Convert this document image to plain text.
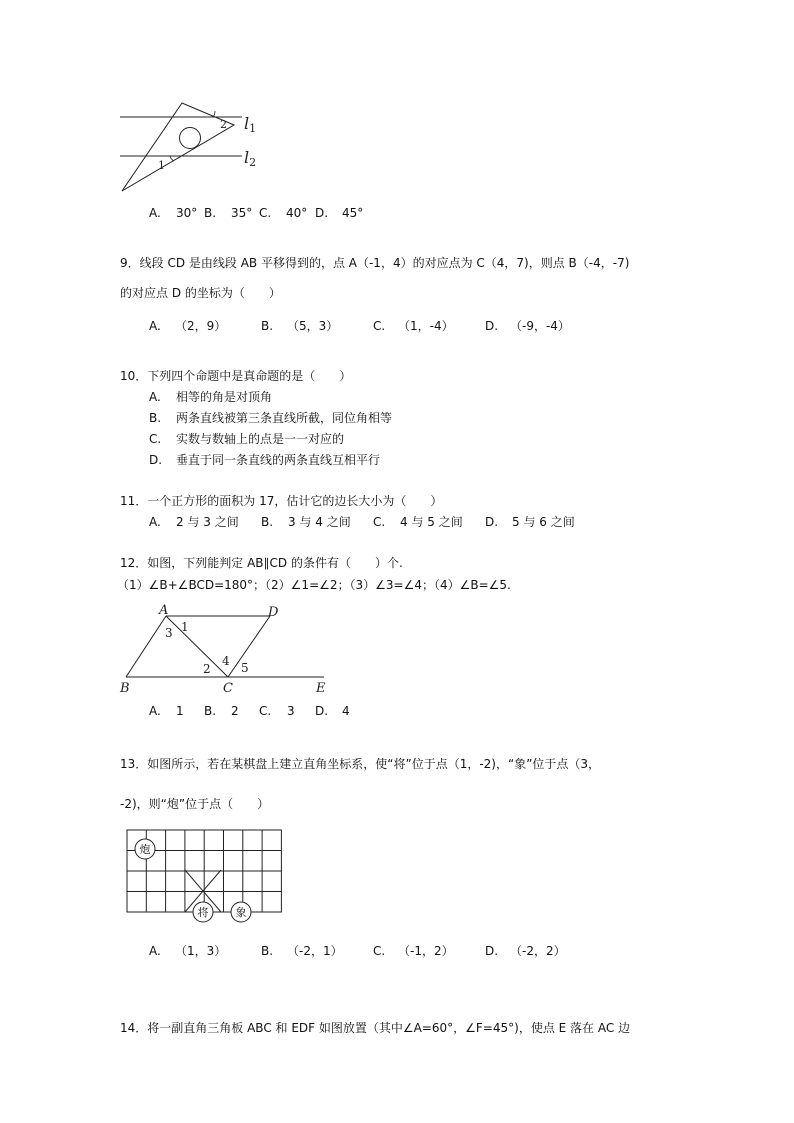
2
1
l1
l2
A. 30° B. 35° C. 40° D. 45°
9．线段 CD 是由线段 AB 平移得到的，点 A（-1，4）的对应点为 C（4，7)，则点 B（-4，-7)
的对应点 D 的坐标为（　　）
A. （2，9）	B. （5，3）	C. （1，-4）	D. （-9，-4）
10．下列四个命题中是真命题的是（　　）
A. 相等的角是对顶角
B. 两条直线被第三条直线所截，同位角相等
C. 实数与数轴上的点是一一对应的
D. 垂直于同一条直线的两条直线互相平行
11．一个正方形的面积为 17，估计它的边长大小为（　　）
A. 2 与 3 之间 B. 3 与 4 之间 C. 4 与 5 之间 D. 5 与 6 之间
12．如图，下列能判定 AB∥CD 的条件有（　　）个.
（1）∠B+∠BCD=180°；（2）∠1=∠2；（3）∠3=∠4；（4）∠B=∠5.
A	D
B	C	E
1
3
2
4 5
A. 1 B. 2 C. 3 D. 4
13．如图所示，若在某棋盘上建立直角坐标系，使“将”位于点（1，-2)，“象”位于点（3，
-2)，则“炮”位于点（　　）
炮
将 象
A. （1，3）	B. （-2，1）	C. （-1，2）	D. （-2，2）
14．将一副直角三角板 ABC 和 EDF 如图放置（其中∠A=60°，∠F=45°)，使点 E 落在 AC 边
